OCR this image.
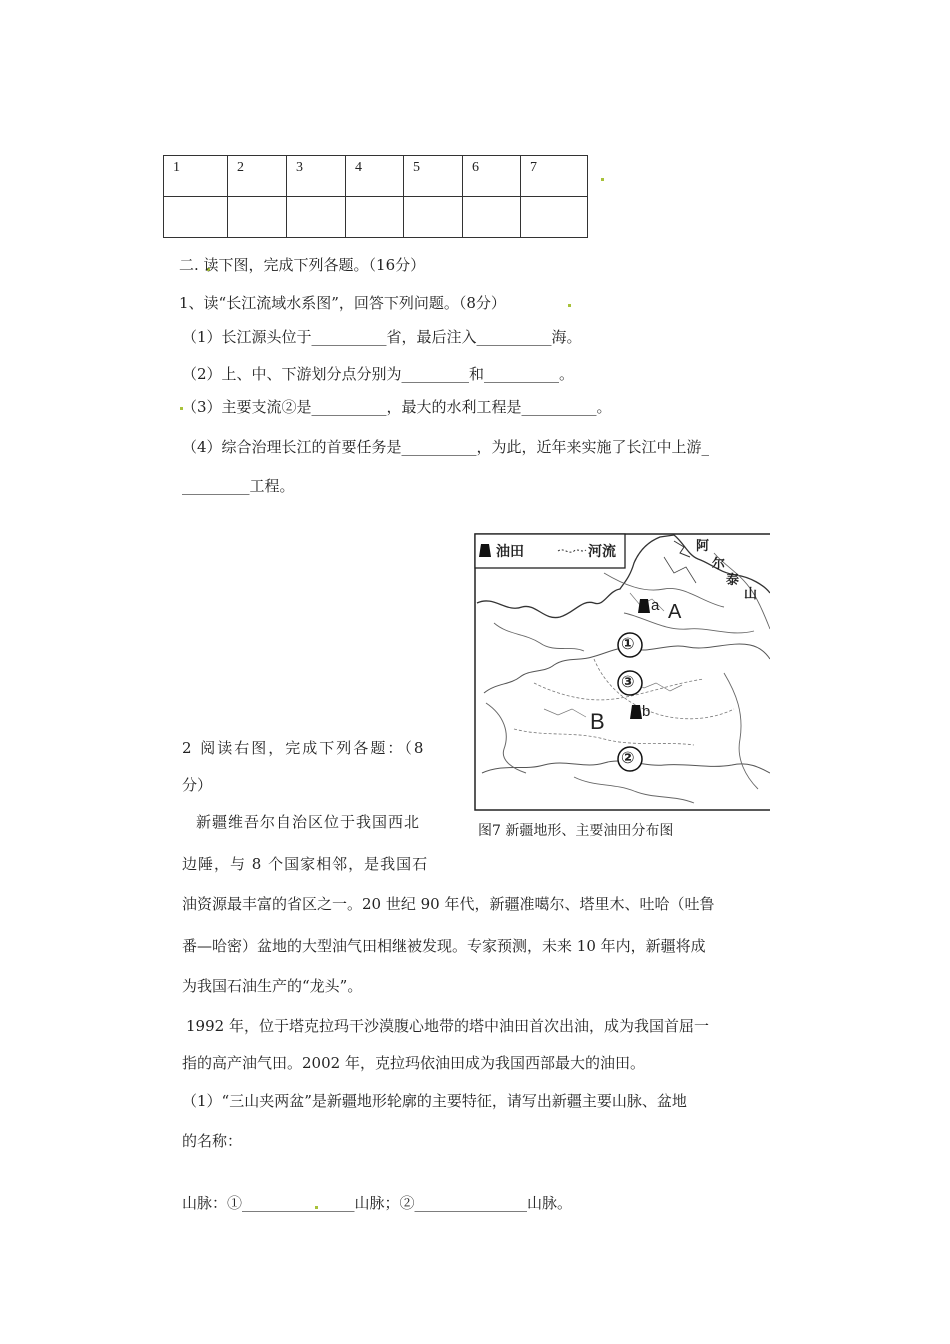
1	2	3	4	5	6	7

二. 读下图，完成下列各题。（16分）
1、读“长江流域水系图”，回答下列问题。（8分）
（1）长江源头位于__________省，最后注入__________海。
（2）上、中、下游划分点分别为_________和__________。
（3）主要支流②是__________，最大的水利工程是__________。
（4）综合治理长江的首要任务是__________，为此，近年来实施了长江中上游_
_________工程。
油田	河流	阿
尔
泰
山
a A
b
B
①
③
②
图7 新疆地形、主要油田分布图
2 阅读右图，完成下列各题：（8
分）
新疆维吾尔自治区位于我国西北
边陲，与 8 个国家相邻，是我国石
油资源最丰富的省区之一。20 世纪 90 年代，新疆准噶尔、塔里木、吐哈（吐鲁
番—哈密）盆地的大型油气田相继被发现。专家预测，未来 10 年内，新疆将成
为我国石油生产的“龙头”。
1992 年，位于塔克拉玛干沙漠腹心地带的塔中油田首次出油，成为我国首屈一
指的高产油气田。2002 年，克拉玛依油田成为我国西部最大的油田。
（1）“三山夹两盆”是新疆地形轮廓的主要特征，请写出新疆主要山脉、盆地
的名称：
山脉：①_______________山脉；②_______________山脉。
